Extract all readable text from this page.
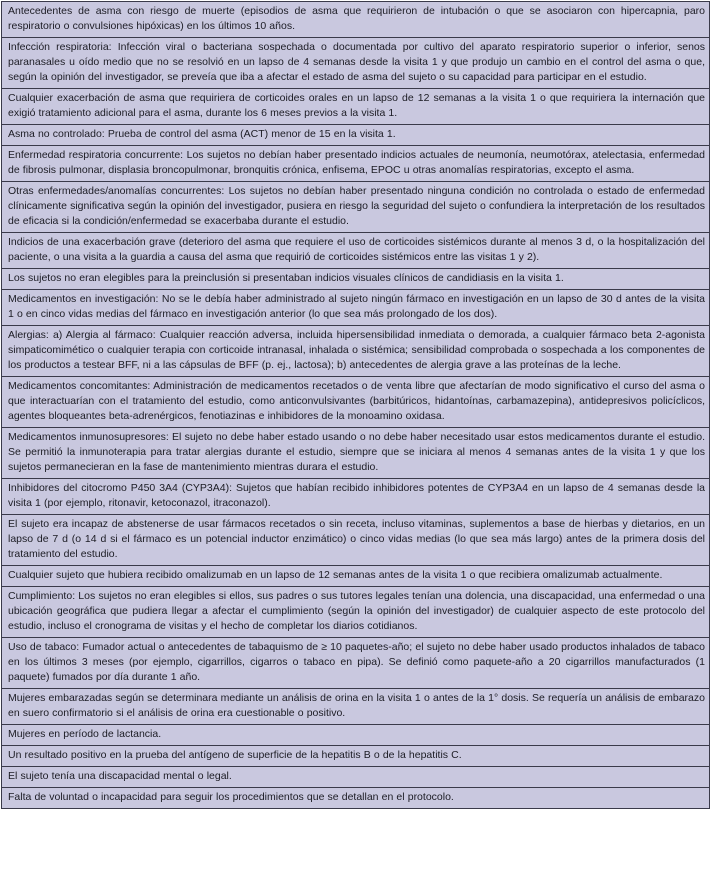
Antecedentes de asma con riesgo de muerte (episodios de asma que requirieron de intubación o que se asociaron con hipercapnia, paro respiratorio o convulsiones hipóxicas) en los últimos 10 años.
Infección respiratoria: Infección viral o bacteriana sospechada o documentada por cultivo del aparato respiratorio superior o inferior, senos paranasales u oído medio que no se resolvió en un lapso de 4 semanas desde la visita 1 y que produjo un cambio en el control del asma o que, según la opinión del investigador, se preveía que iba a afectar el estado de asma del sujeto o su capacidad para participar en el estudio.
Cualquier exacerbación de asma que requiriera de corticoides orales en un lapso de 12 semanas a la visita 1 o que requiriera la internación que exigió tratamiento adicional para el asma, durante los 6 meses previos a la visita 1.
Asma no controlado: Prueba de control del asma (ACT) menor de 15 en la visita 1.
Enfermedad respiratoria concurrente: Los sujetos no debían haber presentado indicios actuales de neumonía, neumotórax, atelectasia, enfermedad de fibrosis pulmonar, displasia broncopulmonar, bronquitis crónica, enfisema, EPOC u otras anomalías respiratorias, excepto el asma.
Otras enfermedades/anomalías concurrentes: Los sujetos no debían haber presentado ninguna condición no controlada o estado de enfermedad clínicamente significativa según la opinión del investigador, pusiera en riesgo la seguridad del sujeto o confundiera la interpretación de los resultados de eficacia si la condición/enfermedad se exacerbaba durante el estudio.
Indicios de una exacerbación grave (deterioro del asma que requiere el uso de corticoides sistémicos durante al menos 3 d, o la hospitalización del paciente, o una visita a la guardia a causa del asma que requirió de corticoides sistémicos entre las visitas 1 y 2).
Los sujetos no eran elegibles para la preinclusión si presentaban indicios visuales clínicos de candidiasis en la visita 1.
Medicamentos en investigación: No se le debía haber administrado al sujeto ningún fármaco en investigación en un lapso de 30 d antes de la visita 1 o en cinco vidas medias del fármaco en investigación anterior (lo que sea más prolongado de los dos).
Alergias: a) Alergia al fármaco: Cualquier reacción adversa, incluida hipersensibilidad inmediata o demorada, a cualquier fármaco beta 2-agonista simpaticomimético o cualquier terapia con corticoide intranasal, inhalada o sistémica; sensibilidad comprobada o sospechada a los componentes de los productos a testear BFF, ni a las cápsulas de BFF (p. ej., lactosa); b) antecedentes de alergia grave a las proteínas de la leche.
Medicamentos concomitantes: Administración de medicamentos recetados o de venta libre que afectarían de modo significativo el curso del asma o que interactuarían con el tratamiento del estudio, como anticonvulsivantes (barbitúricos, hidantoínas, carbamazepina), antidepresivos policíclicos, agentes bloqueantes beta-adrenérgicos, fenotiazinas e inhibidores de la monoamino oxidasa.
Medicamentos inmunosupresores: El sujeto no debe haber estado usando o no debe haber necesitado usar estos medicamentos durante el estudio. Se permitió la inmunoterapia para tratar alergias durante el estudio, siempre que se iniciara al menos 4 semanas antes de la visita 1 y que los sujetos permanecieran en la fase de mantenimiento mientras durara el estudio.
Inhibidores del citocromo P450 3A4 (CYP3A4): Sujetos que habían recibido inhibidores potentes de CYP3A4 en un lapso de 4 semanas desde la visita 1 (por ejemplo, ritonavir, ketoconazol, itraconazol).
El sujeto era incapaz de abstenerse de usar fármacos recetados o sin receta, incluso vitaminas, suplementos a base de hierbas y dietarios, en un lapso de 7 d (o 14 d si el fármaco es un potencial inductor enzimático) o cinco vidas medias (lo que sea más largo) antes de la primera dosis del tratamiento del estudio.
Cualquier sujeto que hubiera recibido omalizumab en un lapso de 12 semanas antes de la visita 1 o que recibiera omalizumab actualmente.
Cumplimiento: Los sujetos no eran elegibles si ellos, sus padres o sus tutores legales tenían una dolencia, una discapacidad, una enfermedad o una ubicación geográfica que pudiera llegar a afectar el cumplimiento (según la opinión del investigador) de cualquier aspecto de este protocolo del estudio, incluso el cronograma de visitas y el hecho de completar los diarios cotidianos.
Uso de tabaco: Fumador actual o antecedentes de tabaquismo de ≥ 10 paquetes-año; el sujeto no debe haber usado productos inhalados de tabaco en los últimos 3 meses (por ejemplo, cigarrillos, cigarros o tabaco en pipa). Se definió como paquete-año a 20 cigarrillos manufacturados (1 paquete) fumados por día durante 1 año.
Mujeres embarazadas según se determinara mediante un análisis de orina en la visita 1 o antes de la 1° dosis. Se requería un análisis de embarazo en suero confirmatorio si el análisis de orina era cuestionable o positivo.
Mujeres en período de lactancia.
Un resultado positivo en la prueba del antígeno de superficie de la hepatitis B o de la hepatitis C.
El sujeto tenía una discapacidad mental o legal.
Falta de voluntad o incapacidad para seguir los procedimientos que se detallan en el protocolo.
